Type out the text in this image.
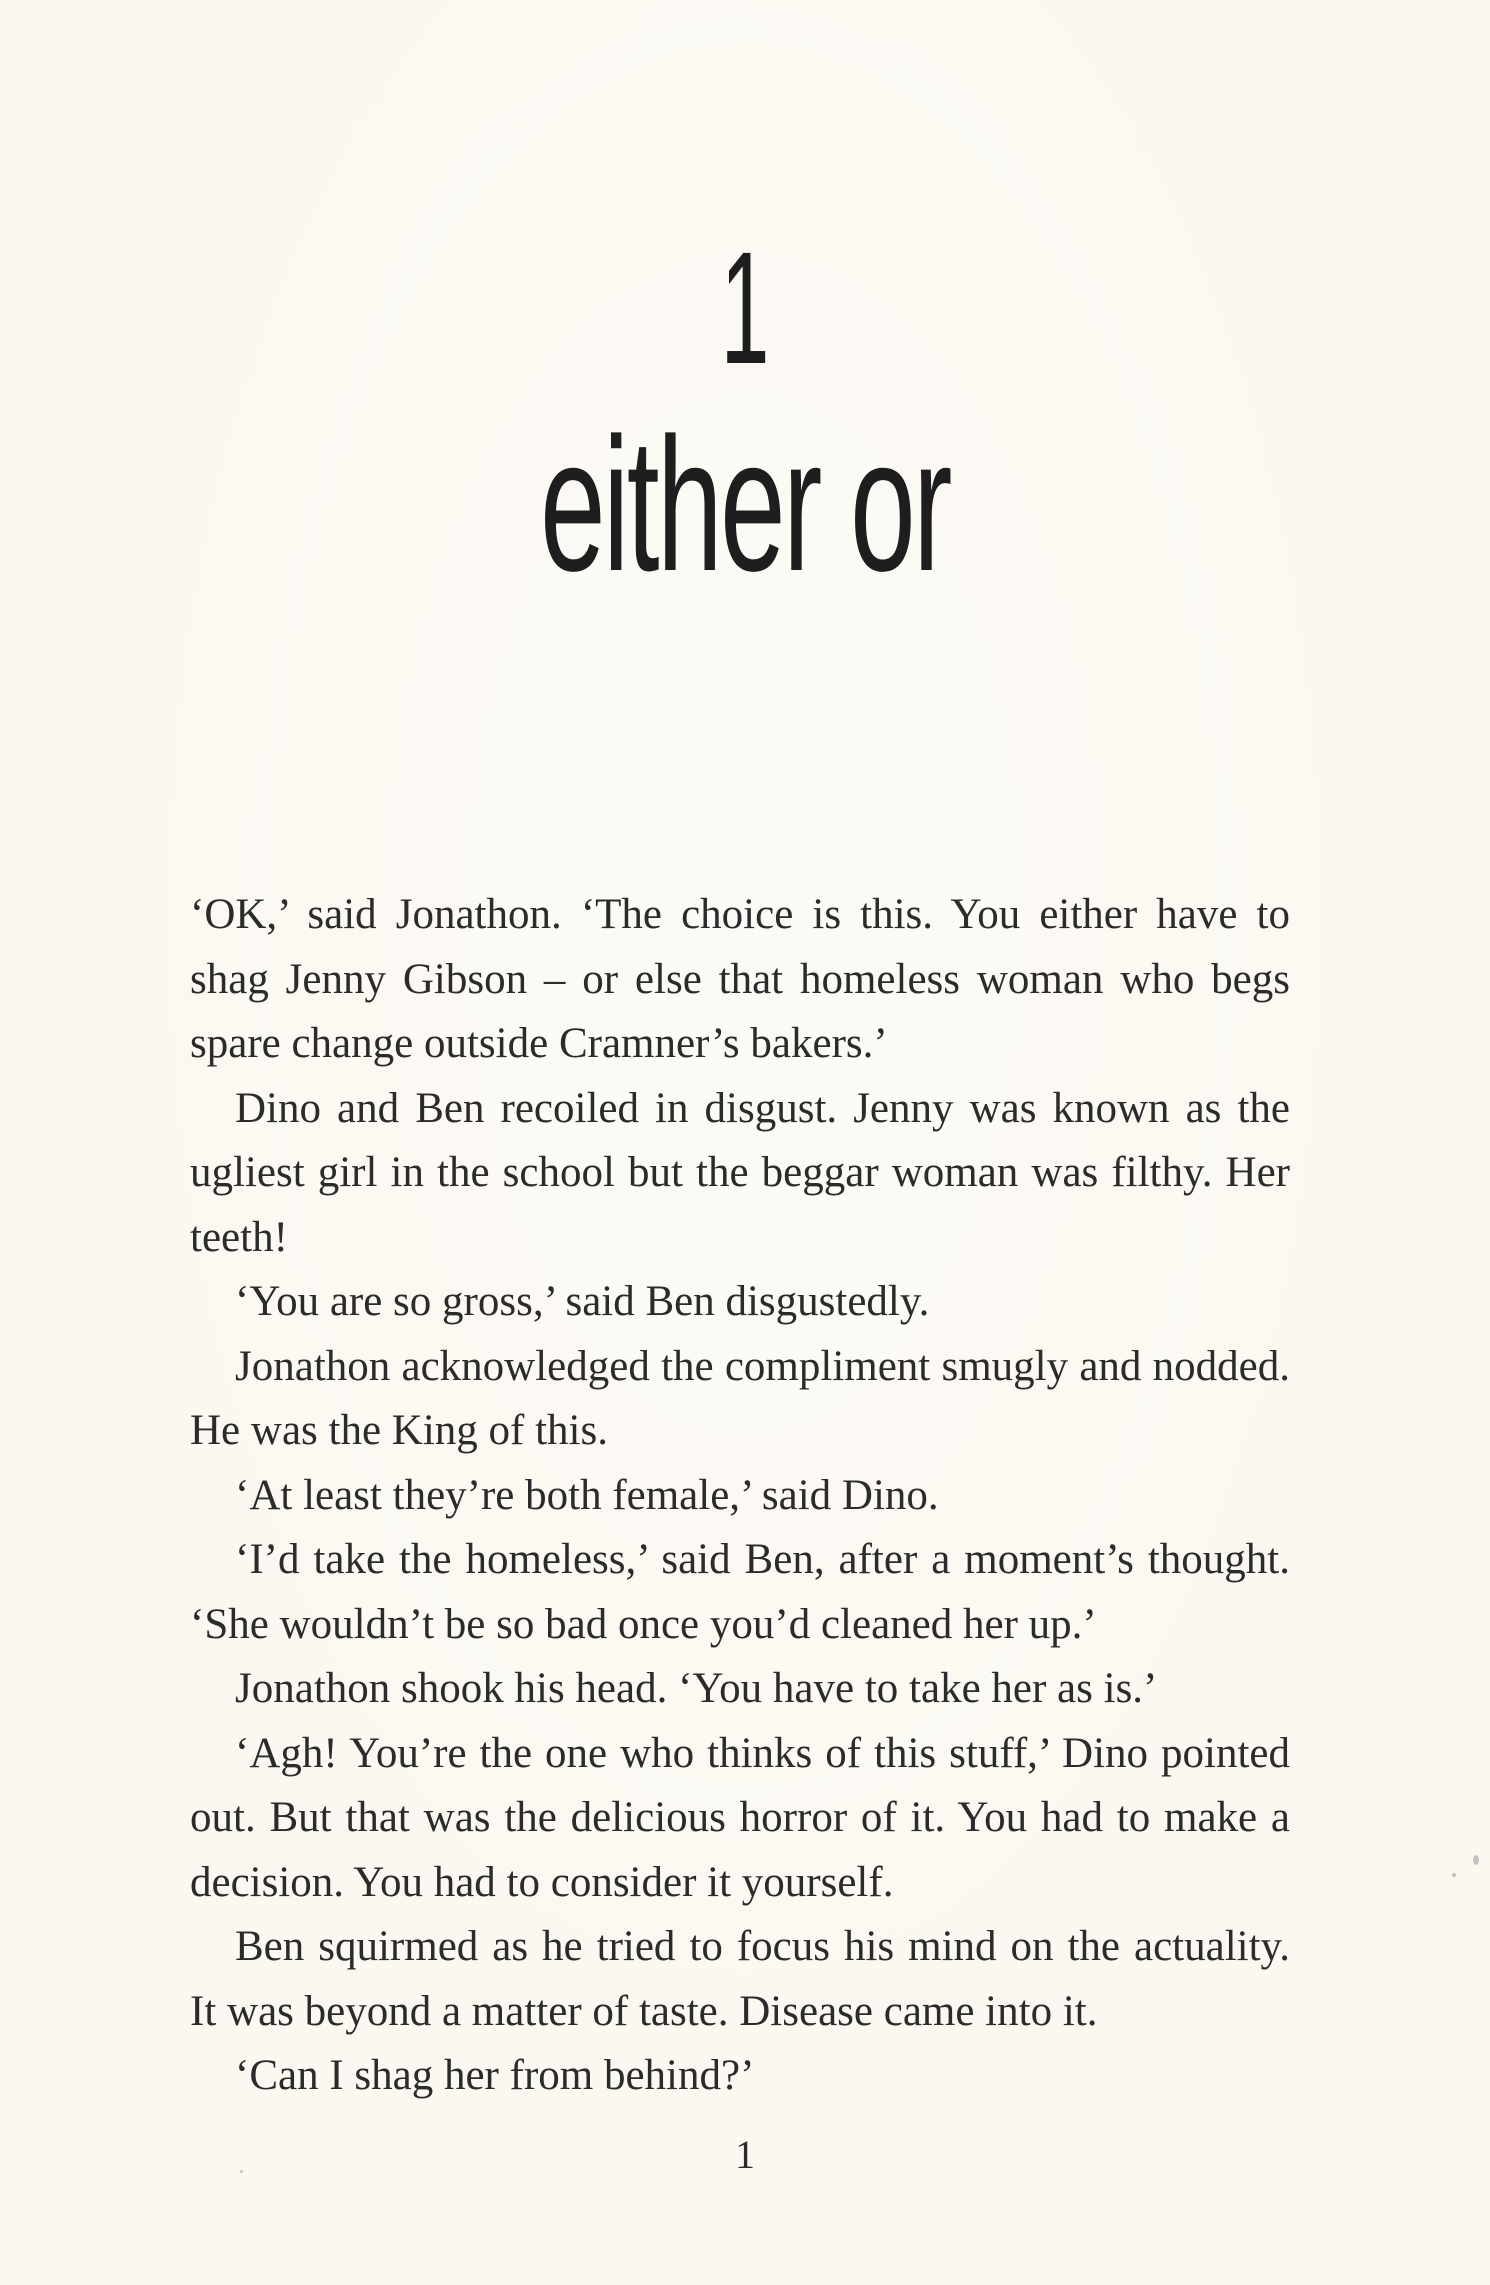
1
either or

‘OK,’ said Jonathon. ‘The choice is this. You either have to shag Jenny Gibson – or else that homeless woman who begs spare change outside Cramner’s bakers.’

Dino and Ben recoiled in disgust. Jenny was known as the ugliest girl in the school but the beggar woman was filthy. Her teeth!

‘You are so gross,’ said Ben disgustedly.

Jonathon acknowledged the compliment smugly and nodded. He was the King of this.

‘At least they’re both female,’ said Dino.

‘I’d take the homeless,’ said Ben, after a moment’s thought. ‘She wouldn’t be so bad once you’d cleaned her up.’

Jonathon shook his head. ‘You have to take her as is.’

‘Agh! You’re the one who thinks of this stuff,’ Dino pointed out. But that was the delicious horror of it. You had to make a decision. You had to consider it yourself.

Ben squirmed as he tried to focus his mind on the actuality. It was beyond a matter of taste. Disease came into it.

‘Can I shag her from behind?’

1
